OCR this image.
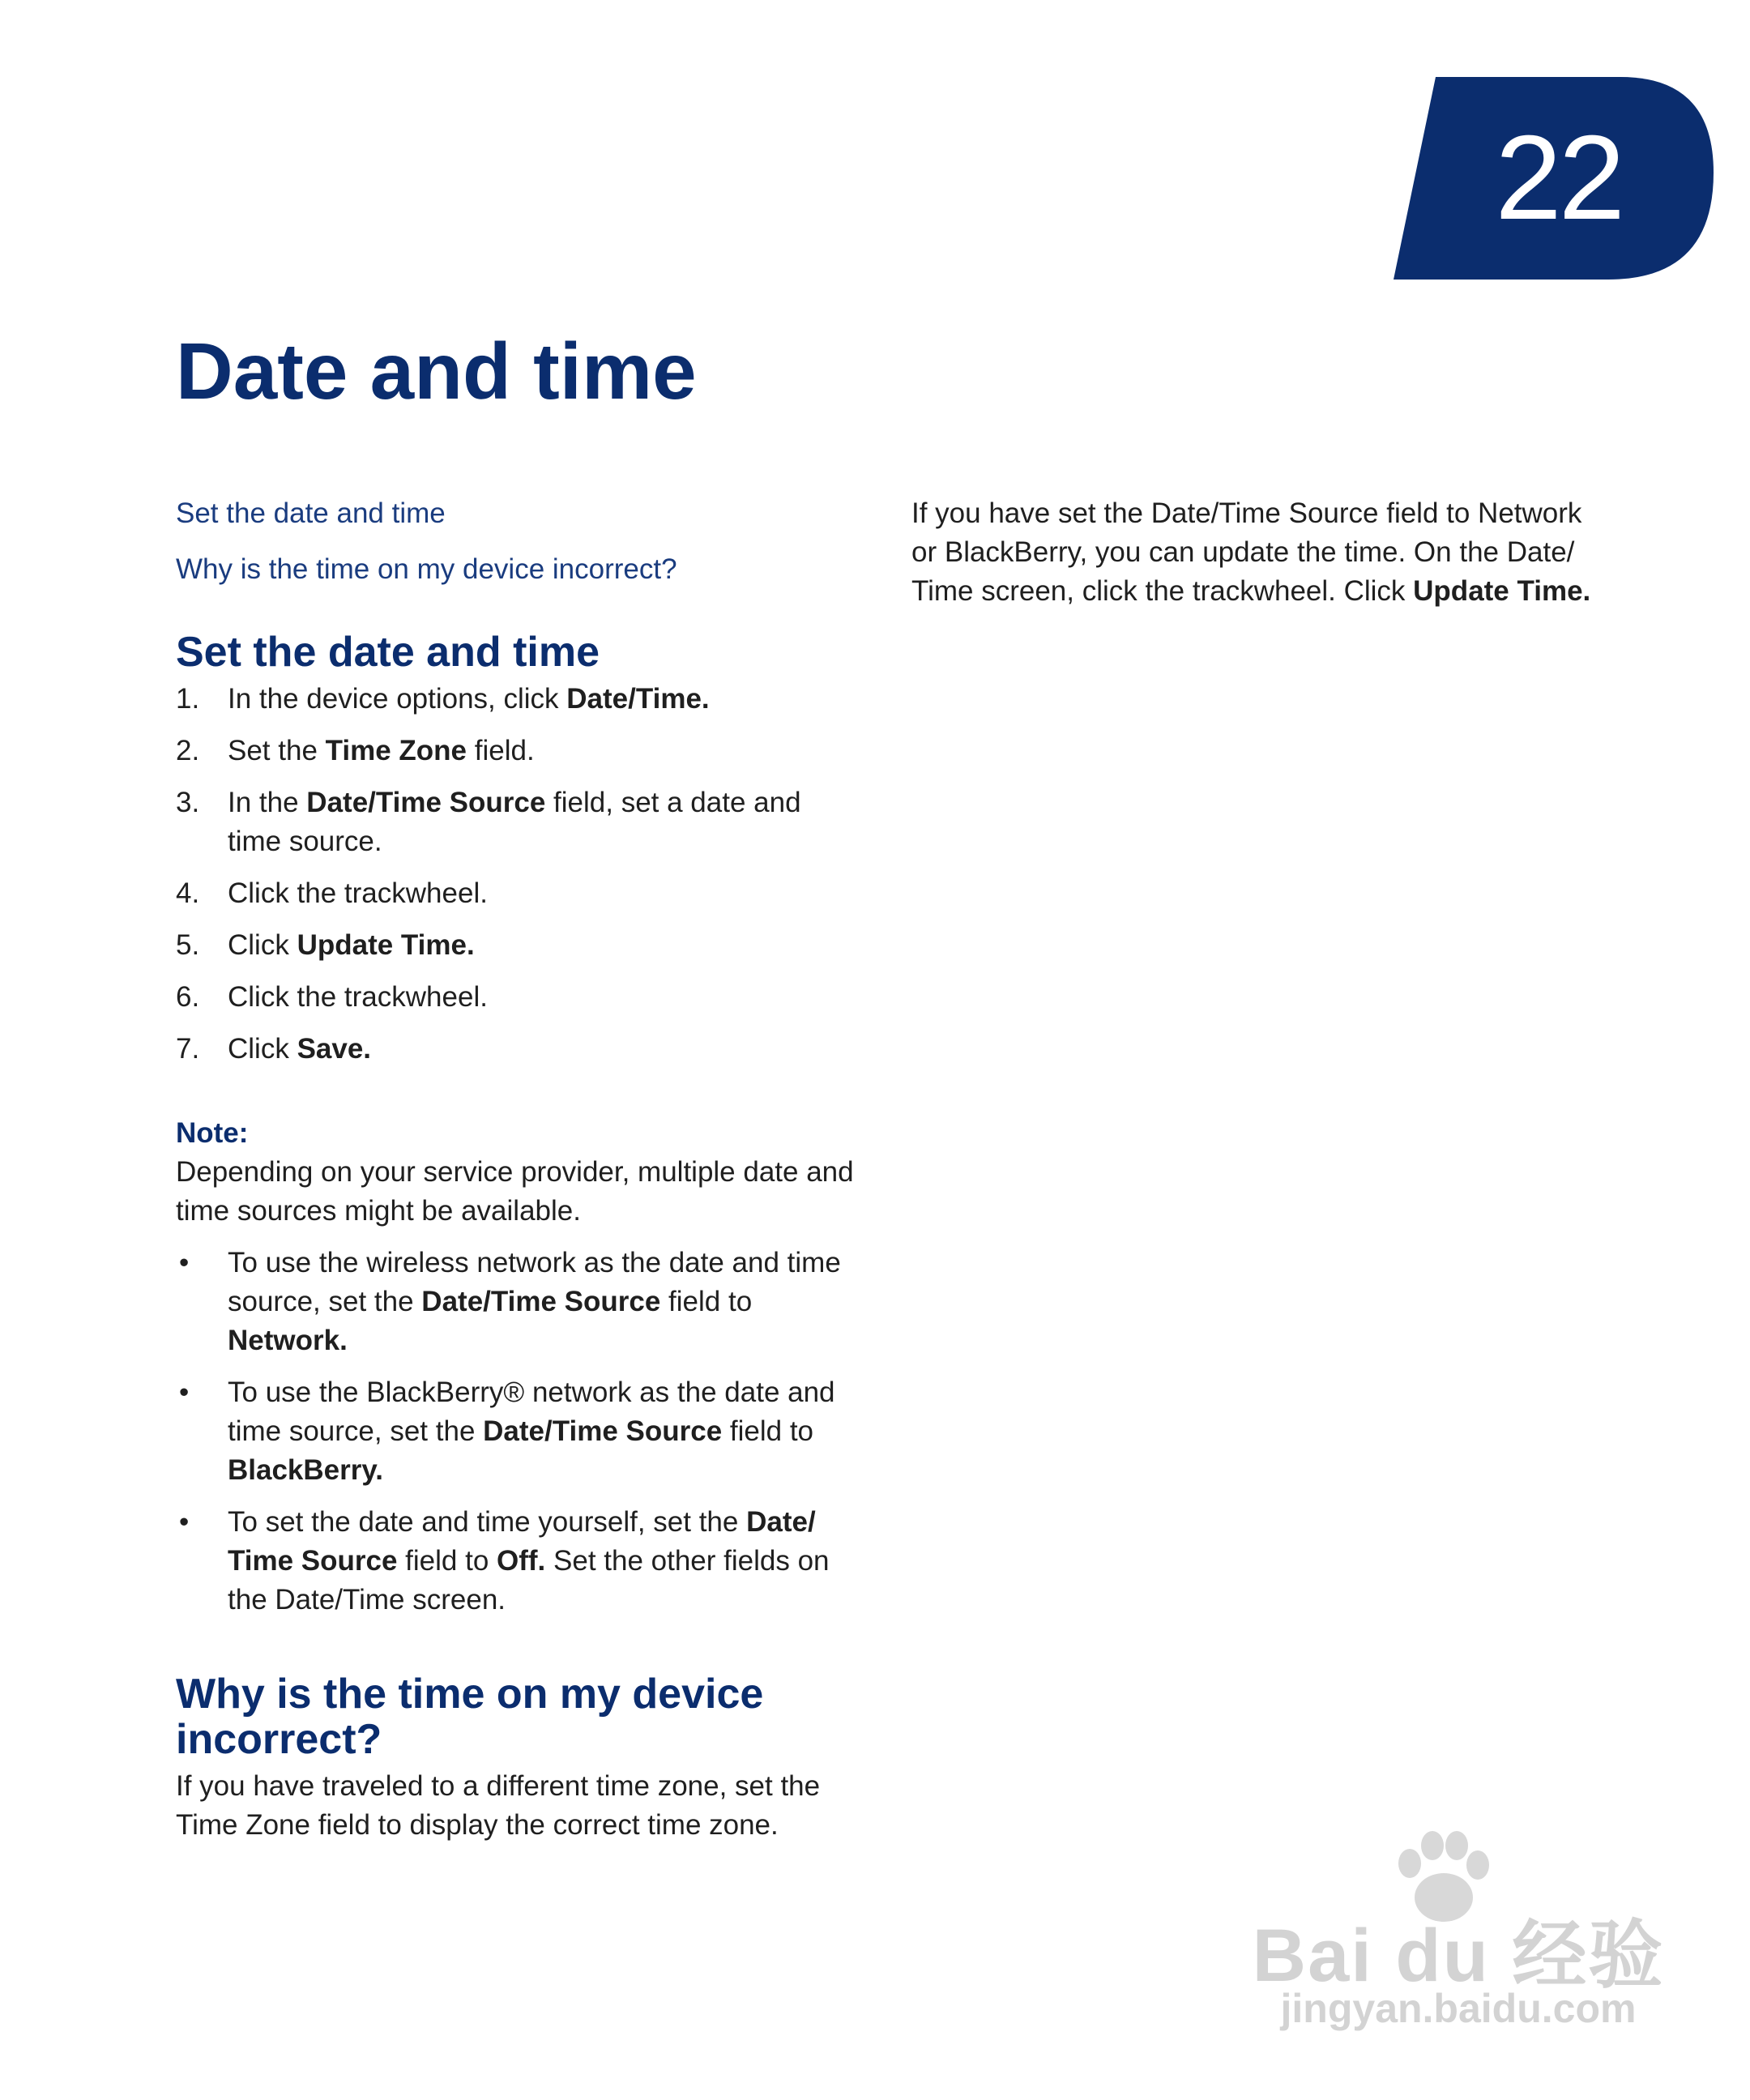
22
Date and time
Set the date and time
Why is the time on my device incorrect?
Set the date and time
1. In the device options, click Date/Time.
2. Set the Time Zone field.
3. In the Date/Time Source field, set a date and time source.
4. Click the trackwheel.
5. Click Update Time.
6. Click the trackwheel.
7. Click Save.
Note:

Depending on your service provider, multiple date and time sources might be available.

• To use the wireless network as the date and time source, set the Date/Time Source field to Network.
• To use the BlackBerry® network as the date and time source, set the Date/Time Source field to BlackBerry.
• To set the date and time yourself, set the Date/ Time Source field to Off. Set the other fields on the Date/Time screen.
Why is the time on my device incorrect?

If you have traveled to a different time zone, set the Time Zone field to display the correct time zone.

If you have set the Date/Time Source field to Network or BlackBerry, you can update the time. On the Date/ Time screen, click the trackwheel. Click Update Time.

Bai du 经验
jingyan.baidu.com
